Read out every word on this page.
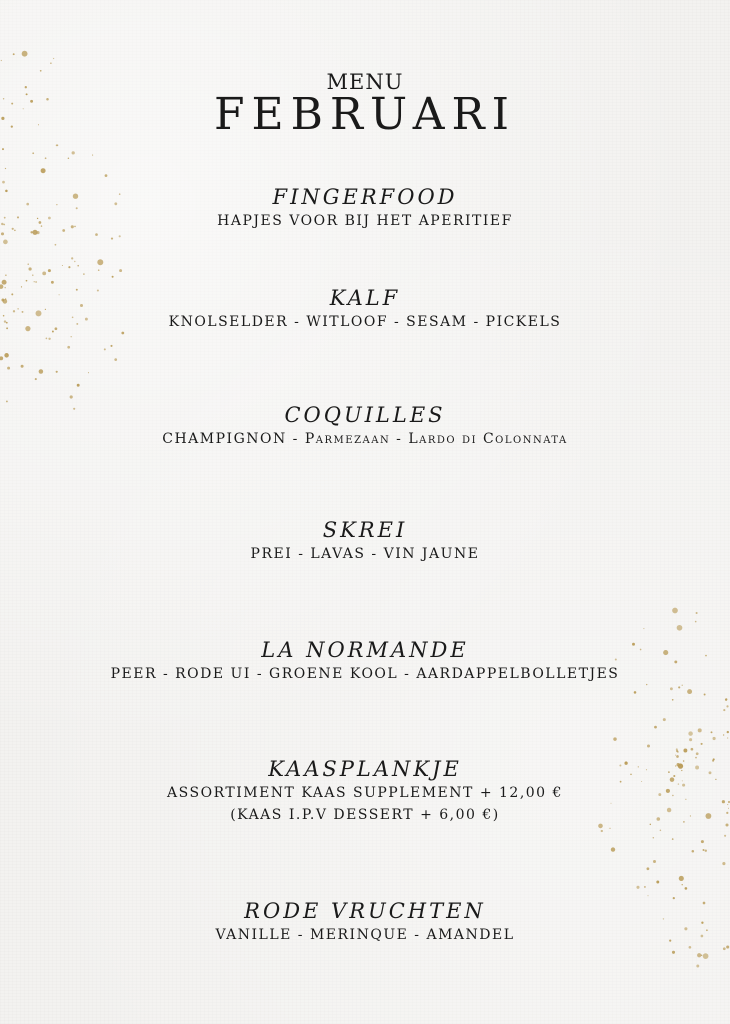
menu
FEBRUARI
FINGERFOOD
HAPJES VOOR BIJ HET APERITIEF
KALF
KNOLSELDER - WITLOOF - SESAM - PICKELS
COQUILLES
CHAMPIGNON - Parmezaan - Lardo di Colonnata
SKREI
PREI - LAVAS - VIN JAUNE
LA NORMANDE
PEER - RODE UI - GROENE KOOL - AARDAPPELBOLLETJES
KAASPLANKJE
ASSORTIMENT KAAS SUPPLEMENT + 12,00 €
(KAAS I.P.V DESSERT + 6,00 €)
RODE VRUCHTEN
VANILLE - MERINQUE - AMANDEL
